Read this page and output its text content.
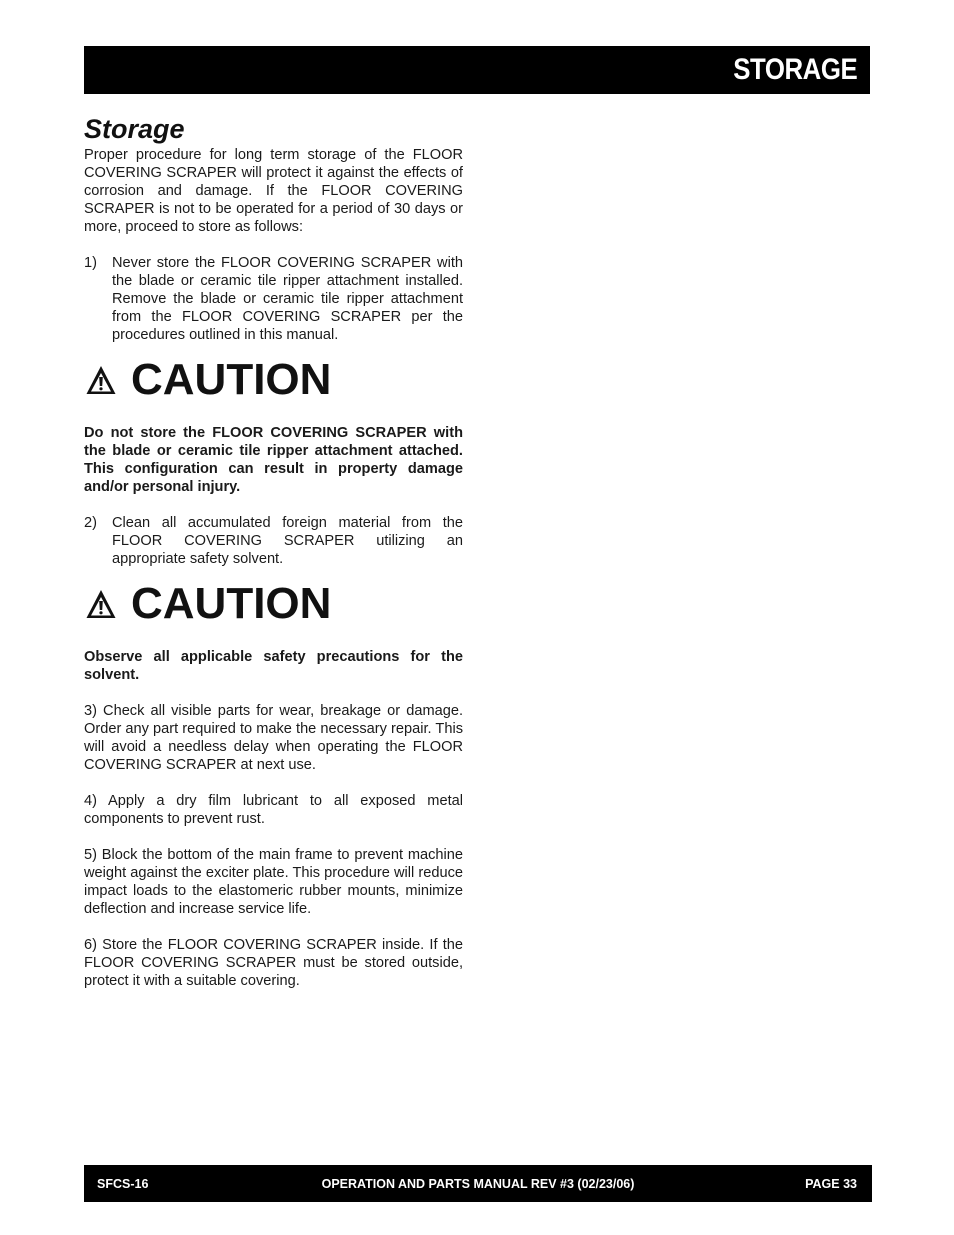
STORAGE
Storage

Proper procedure for long term storage of the FLOOR COVERING SCRAPER will protect it against the effects of corrosion and damage. If the FLOOR COVERING SCRAPER is not to be operated for a period of 30 days or more, proceed to store as follows:

1)	Never store the FLOOR COVERING SCRAPER with the blade or ceramic tile ripper attachment installed. Remove the blade or ceramic tile ripper attachment from the FLOOR COVERING SCRAPER per the procedures outlined in this manual.

CAUTION

Do not store the FLOOR COVERING SCRAPER with the blade or ceramic tile ripper attachment attached. This configuration can result in property damage and/or personal injury.

2)	Clean all accumulated foreign material from the FLOOR COVERING SCRAPER utilizing an appropriate safety solvent.

CAUTION

Observe all applicable safety precautions for the solvent.

3) Check all visible parts for wear, breakage or damage. Order any part required to make the necessary repair. This will avoid a needless delay when operating the FLOOR COVERING SCRAPER at next use.

4) Apply a dry film lubricant to all exposed metal components to prevent rust.

5) Block the bottom of the main frame to prevent machine weight against the exciter plate. This procedure will reduce impact loads to the elastomeric rubber mounts, minimize deflection and increase service life.

6) Store the FLOOR COVERING SCRAPER inside. If the FLOOR COVERING SCRAPER must be stored outside, protect it with a suitable covering.

SFCS-16	OPERATION AND PARTS MANUAL REV #3 (02/23/06)	PAGE 33
